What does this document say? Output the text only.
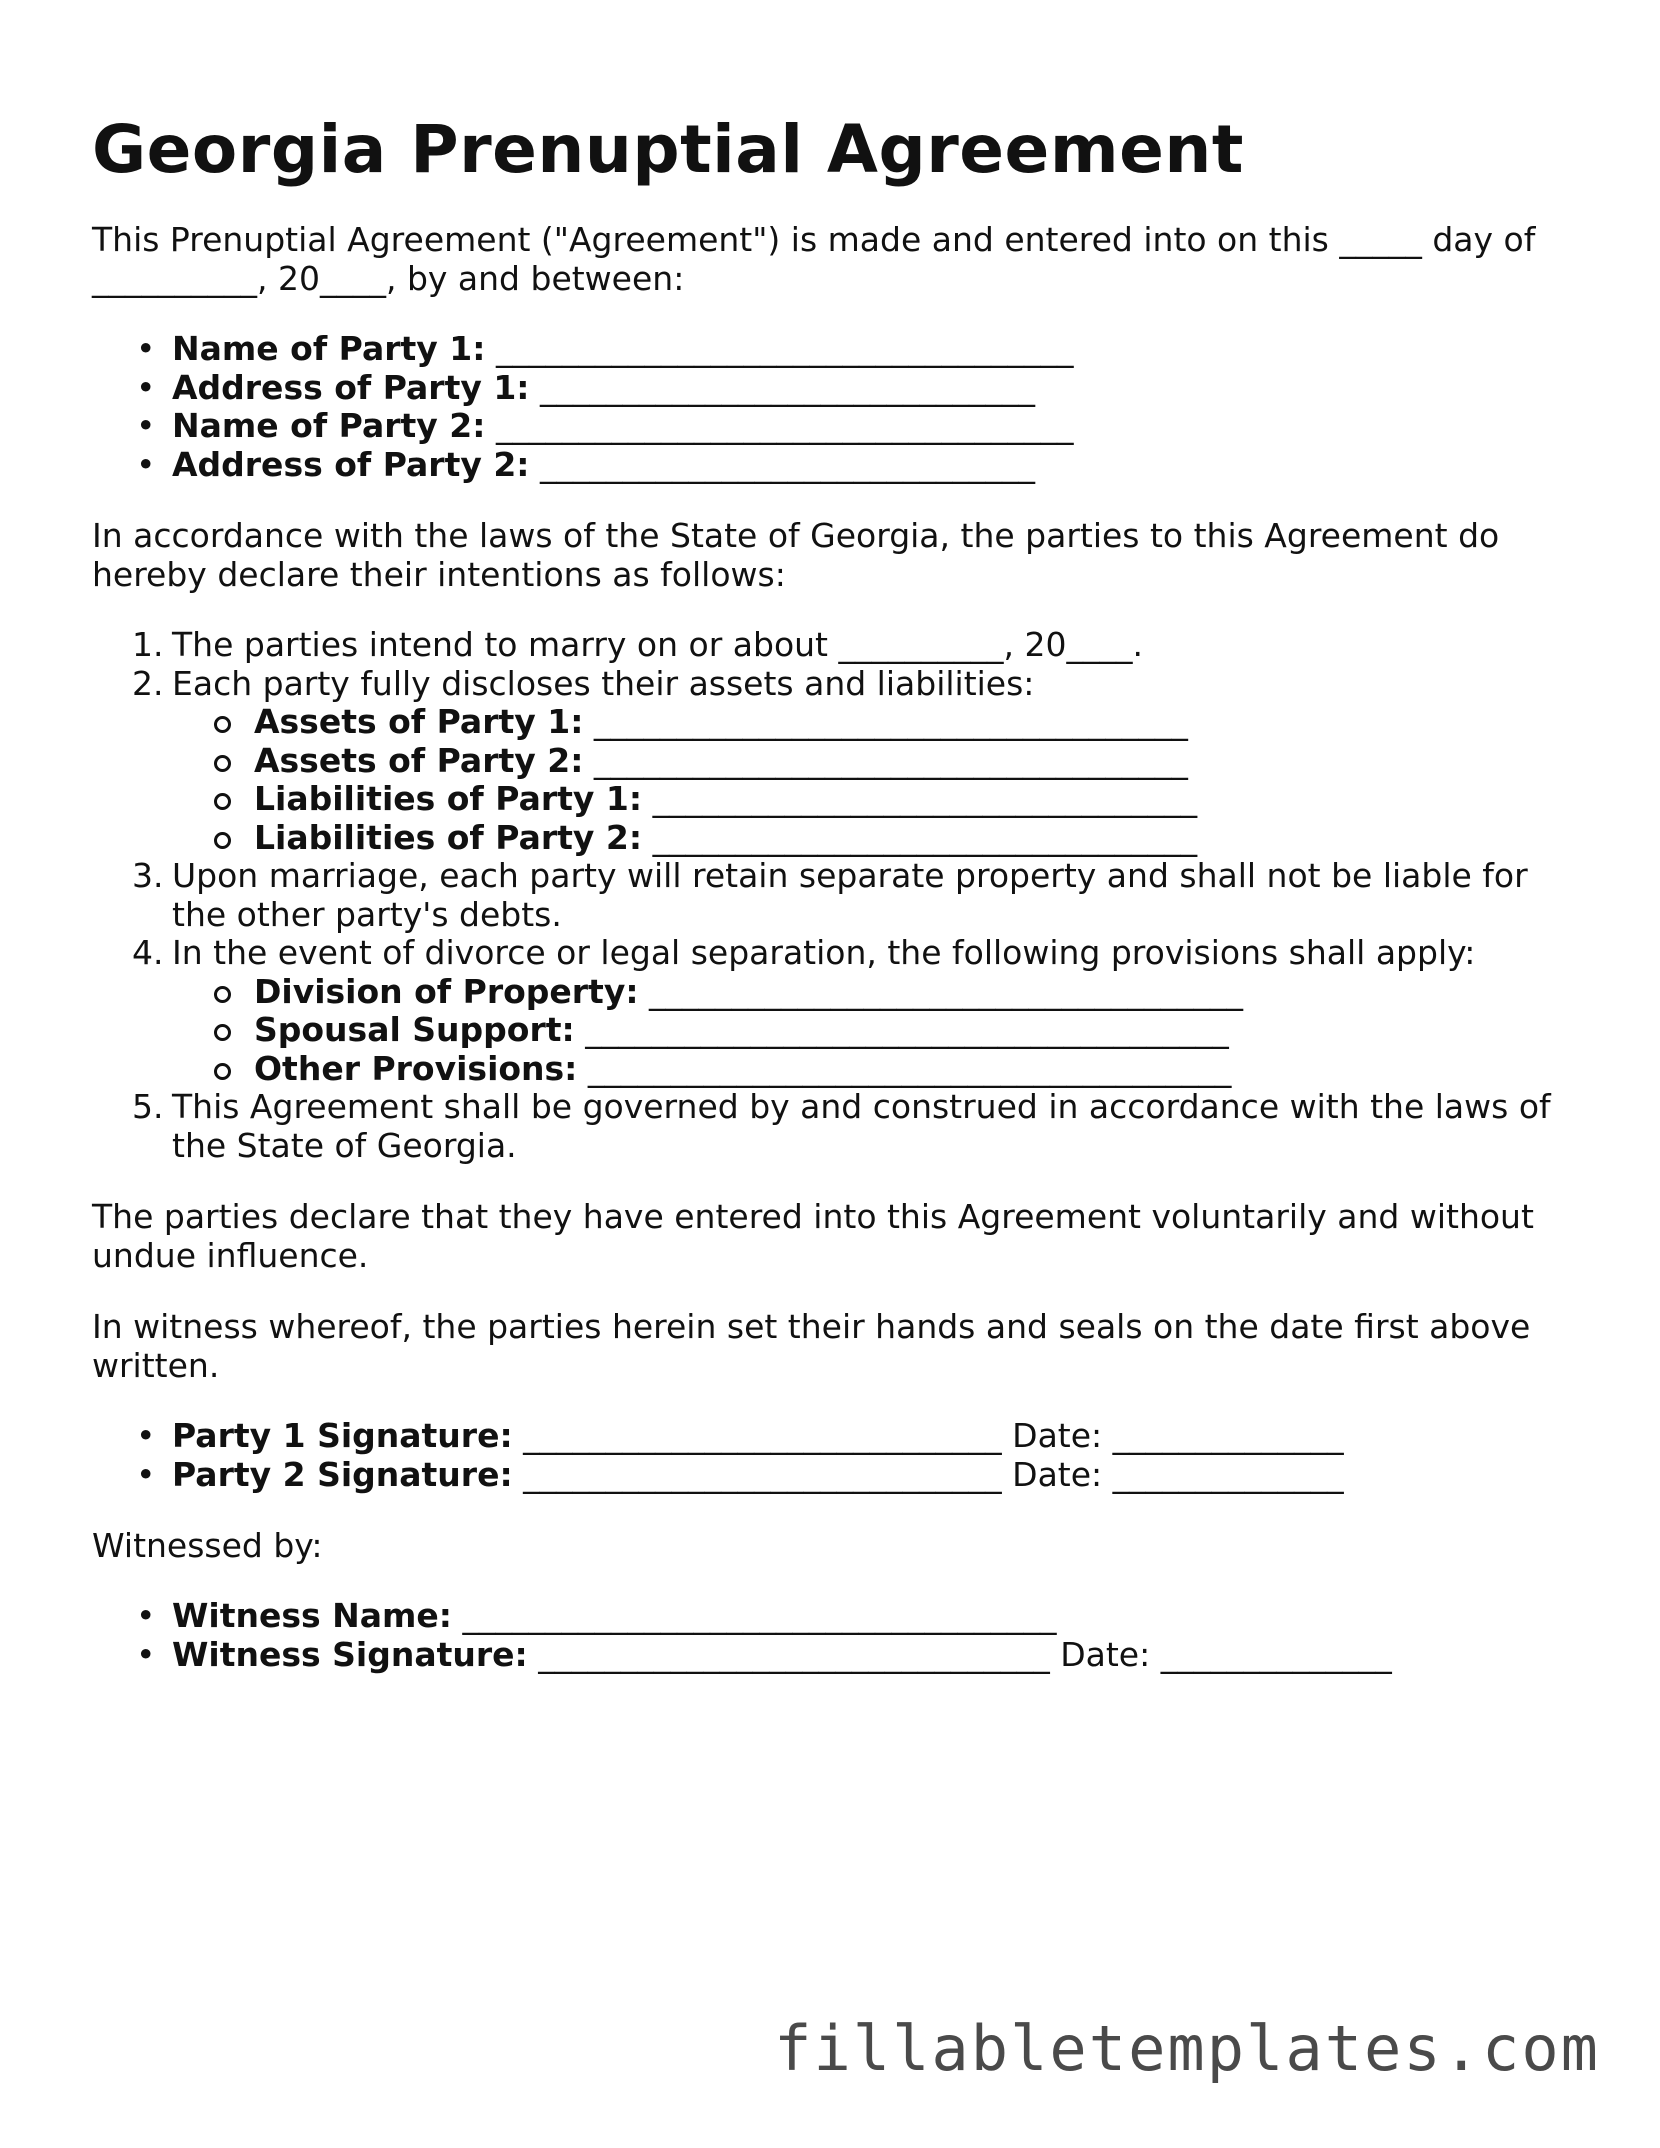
Georgia Prenuptial Agreement

This Prenuptial Agreement ("Agreement") is made and entered into on this _____ day of __________, 20____, by and between:

• Name of Party 1: ___________________________________
• Address of Party 1: ______________________________
• Name of Party 2: ___________________________________
• Address of Party 2: ______________________________

In accordance with the laws of the State of Georgia, the parties to this Agreement do hereby declare their intentions as follows:

1. The parties intend to marry on or about __________, 20____.
2. Each party fully discloses their assets and liabilities:
Assets of Party 1: ____________________________________
Assets of Party 2: ____________________________________
Liabilities of Party 1: _________________________________
Liabilities of Party 2: _________________________________
3. Upon marriage, each party will retain separate property and shall not be liable for the other party's debts.
4. In the event of divorce or legal separation, the following provisions shall apply:
Division of Property: ____________________________________
Spousal Support: _______________________________________
Other Provisions: _______________________________________
5. This Agreement shall be governed by and construed in accordance with the laws of the State of Georgia.

The parties declare that they have entered into this Agreement voluntarily and without undue influence.

In witness whereof, the parties herein set their hands and seals on the date first above written.

• Party 1 Signature: _____________________________ Date: ______________
• Party 2 Signature: _____________________________ Date: ______________

Witnessed by:

• Witness Name: ____________________________________
• Witness Signature: _______________________________ Date: ______________
fillabletemplates.com
